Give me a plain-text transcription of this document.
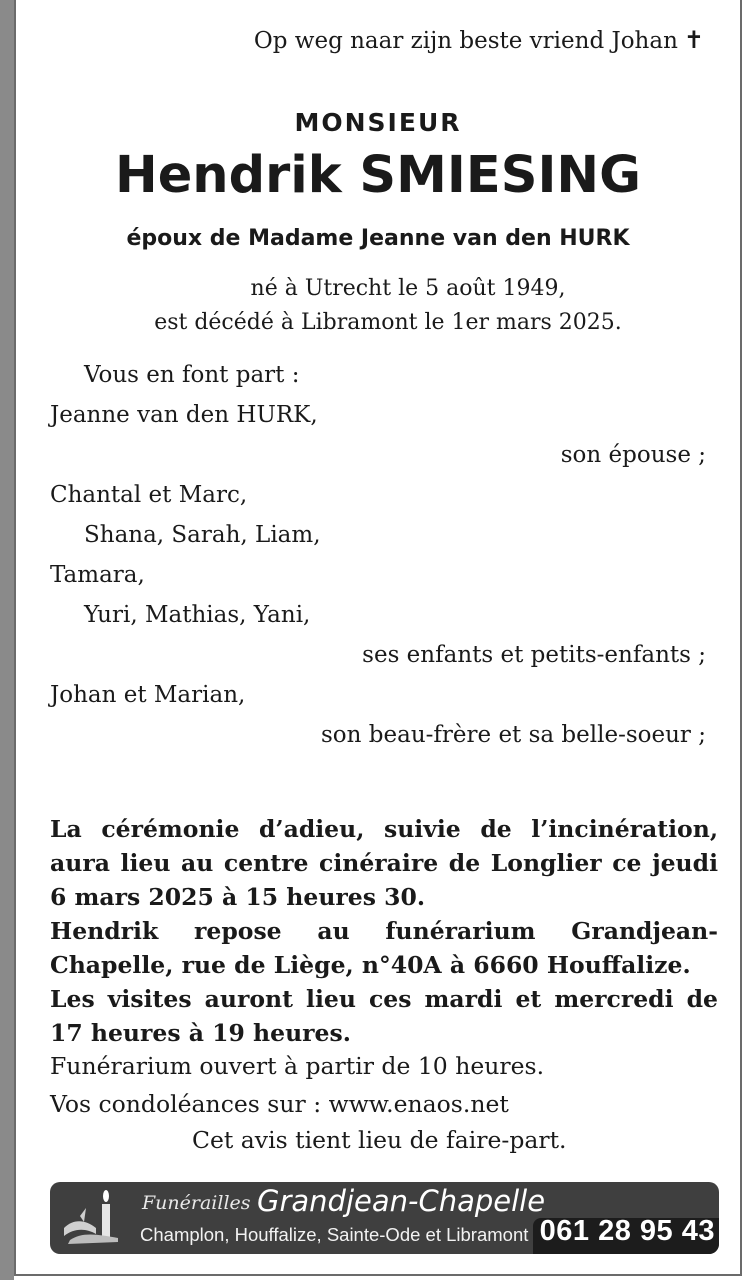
Op weg naar zijn beste vriend Johan ✝
MONSIEUR
Hendrik SMIESING
époux de Madame Jeanne van den HURK
né à Utrecht le 5 août 1949,
est décédé à Libramont le 1er mars 2025.
Vous en font part :
Jeanne van den HURK,
son épouse ;
Chantal et Marc,
Shana, Sarah, Liam,
Tamara,
Yuri, Mathias, Yani,
ses enfants et petits-enfants ;
Johan et Marian,
son beau-frère et sa belle-soeur ;
La cérémonie d’adieu, suivie de l’incinération, aura lieu au centre cinéraire de Longlier ce jeudi 6 mars 2025 à 15 heures 30.
Hendrik repose au funérarium Grandjean-Chapelle, rue de Liège, n°40A à 6660 Houffalize.
Les visites auront lieu ces mardi et mercredi de 17 heures à 19 heures.
Funérarium ouvert à partir de 10 heures.
Vos condoléances sur : www.enaos.net
Cet avis tient lieu de faire-part.
Funérailles Grandjean-Chapelle
Champlon, Houffalize, Sainte-Ode et Libramont 061 28 95 43
